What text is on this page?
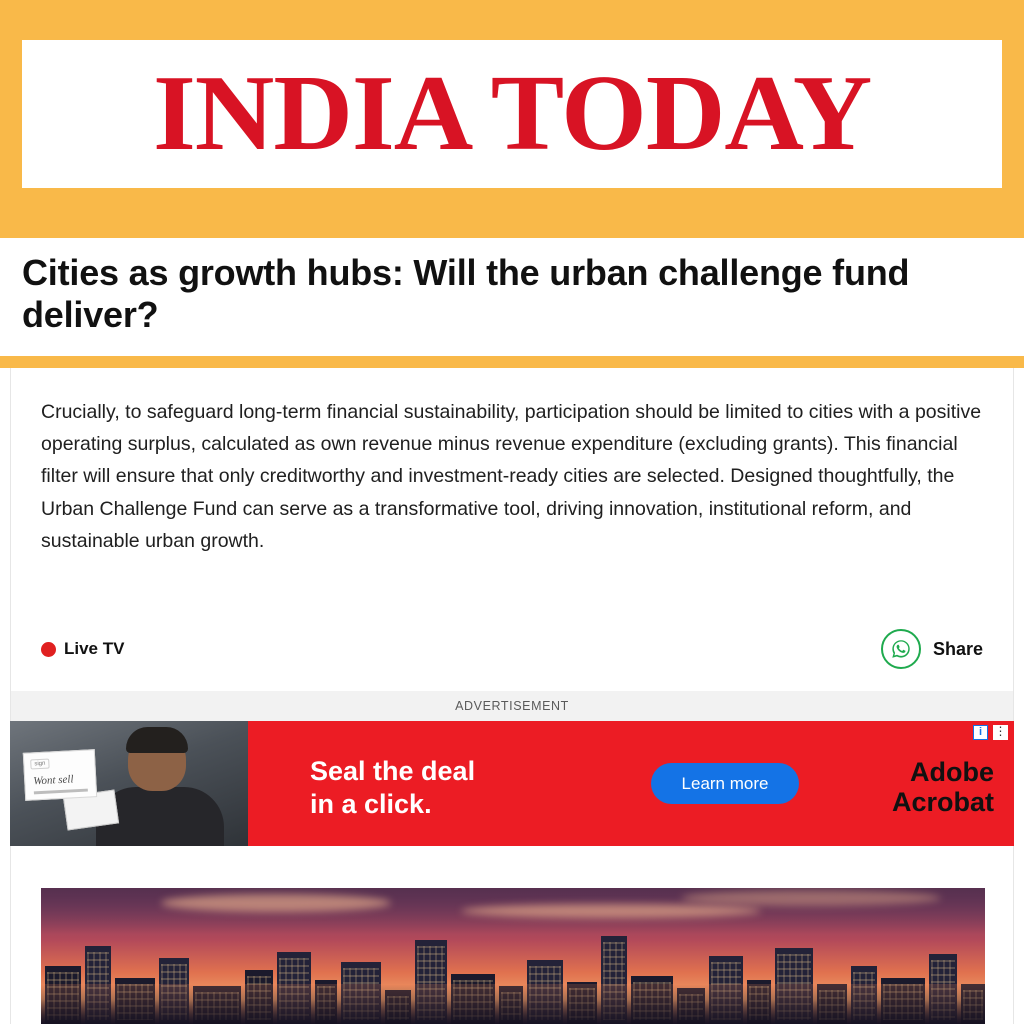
INDIA TODAY
Cities as growth hubs: Will the urban challenge fund deliver?

Crucially, to safeguard long-term financial sustainability, participation should be limited to cities with a positive operating surplus, calculated as own revenue minus revenue expenditure (excluding grants). This financial filter will ensure that only creditworthy and investment-ready cities are selected. Designed thoughtfully, the Urban Challenge Fund can serve as a transformative tool, driving innovation, institutional reform, and sustainable urban growth.

Live TV	Share
ADVERTISEMENT
sign
Wont sell	Seal the deal
in a click.
Learn more	Adobe
Acrobat
i	⋮
